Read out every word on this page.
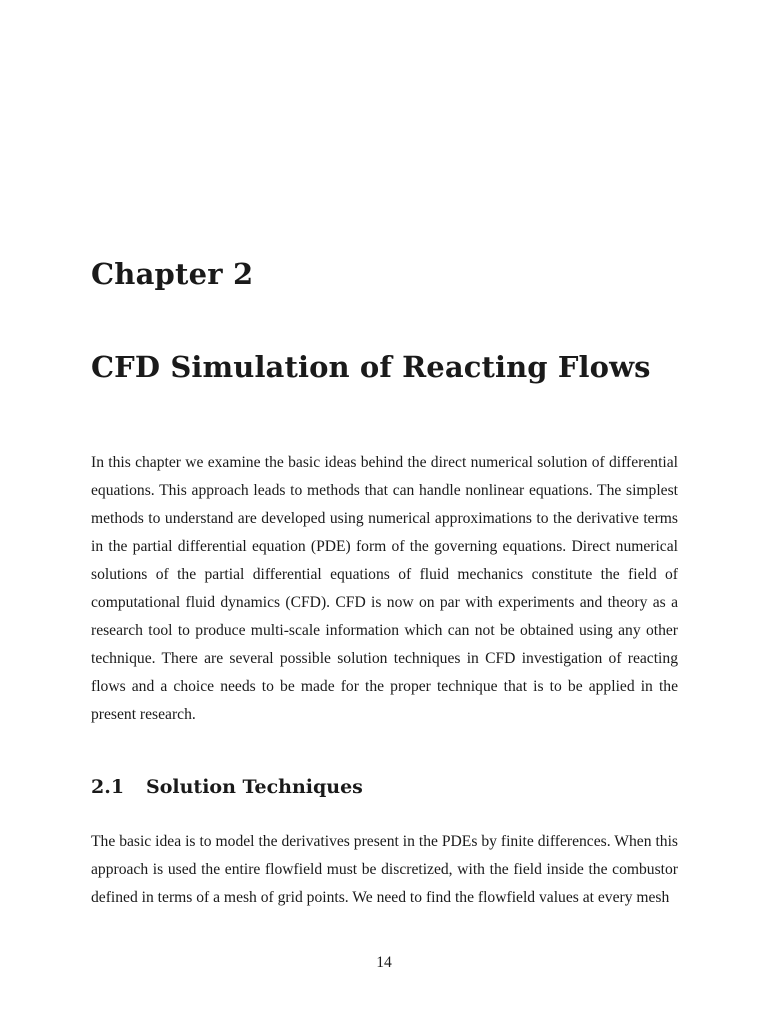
Chapter 2
CFD Simulation of Reacting Flows

In this chapter we examine the basic ideas behind the direct numerical solution of differential equations. This approach leads to methods that can handle nonlinear equations. The simplest methods to understand are developed using numerical approximations to the derivative terms in the partial differential equation (PDE) form of the governing equations. Direct numerical solutions of the partial differential equations of fluid mechanics constitute the field of computational fluid dynamics (CFD). CFD is now on par with experiments and theory as a research tool to produce multi-scale information which can not be obtained using any other technique. There are several possible solution techniques in CFD investigation of reacting flows and a choice needs to be made for the proper technique that is to be applied in the present research.

2.1 Solution Techniques

The basic idea is to model the derivatives present in the PDEs by finite differences. When this approach is used the entire flowfield must be discretized, with the field inside the combustor defined in terms of a mesh of grid points. We need to find the flowfield values at every mesh

14
